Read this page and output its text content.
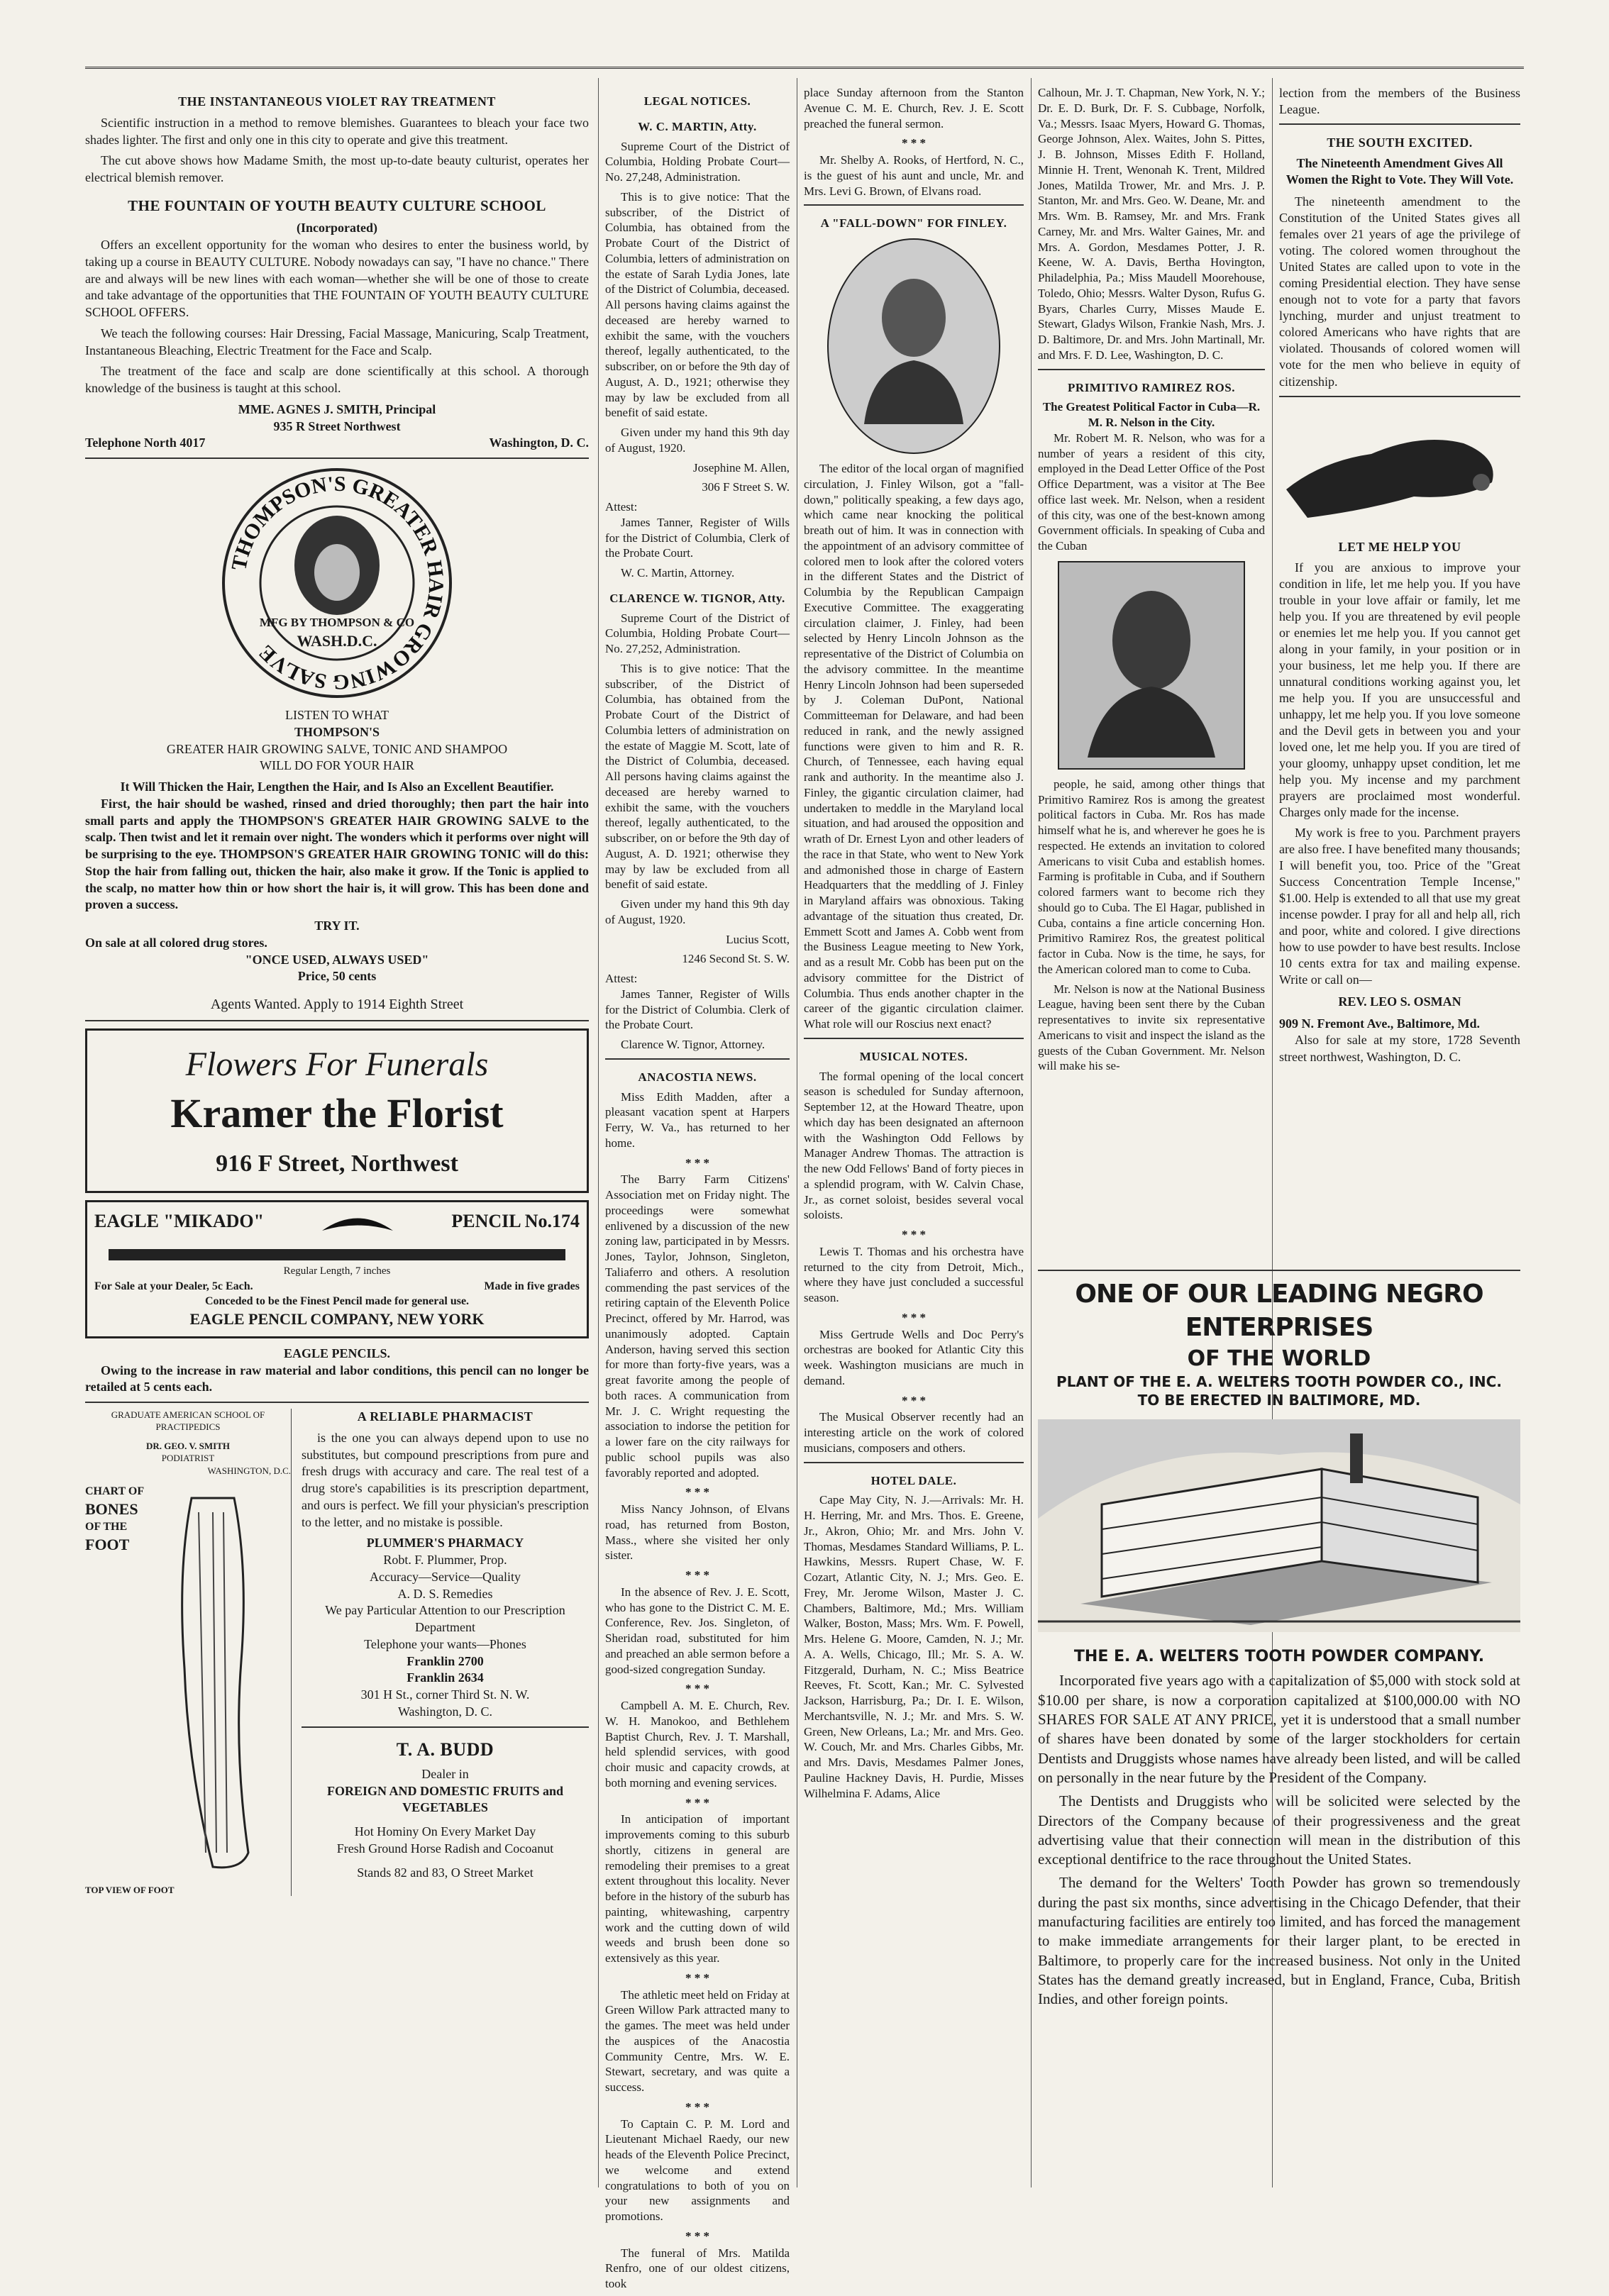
THE INSTANTANEOUS VIOLET RAY TREATMENT

Scientific instruction in a method to remove blemishes. Guarantees to bleach your face two shades lighter. The first and only one in this city to operate and give this treatment.

The cut above shows how Madame Smith, the most up-to-date beauty culturist, operates her electrical blemish remover.

THE FOUNTAIN OF YOUTH BEAUTY CULTURE SCHOOL
(Incorporated)

Offers an excellent opportunity for the woman who desires to enter the business world, by taking up a course in BEAUTY CULTURE. Nobody nowadays can say, "I have no chance." There are and always will be new lines with each woman—whether she will be one of those to create and take advantage of the opportunities that THE FOUNTAIN OF YOUTH BEAUTY CULTURE SCHOOL OFFERS.

We teach the following courses: Hair Dressing, Facial Massage, Manicuring, Scalp Treatment, Instantaneous Bleaching, Electric Treatment for the Face and Scalp.

The treatment of the face and scalp are done scientifically at this school. A thorough knowledge of the business is taught at this school.

MME. AGNES J. SMITH, Principal
935 R Street Northwest
Telephone North 4017	Washington, D. C.
THOMPSON'S GREATER HAIR GROWING SALVE
MFG BY THOMPSON & CO
WASH.D.C.
LISTEN TO WHAT
THOMPSON'S
GREATER HAIR GROWING SALVE, TONIC AND SHAMPOO
WILL DO FOR YOUR HAIR
It Will Thicken the Hair, Lengthen the Hair, and Is Also an Excellent Beautifier.

First, the hair should be washed, rinsed and dried thoroughly; then part the hair into small parts and apply the THOMPSON'S GREATER HAIR GROWING SALVE to the scalp. Then twist and let it remain over night. The wonders which it performs over night will be surprising to the eye. THOMPSON'S GREATER HAIR GROWING TONIC will do this: Stop the hair from falling out, thicken the hair, also make it grow. If the Tonic is applied to the scalp, no matter how thin or how short the hair is, it will grow. This has been done and proven a success.

TRY IT.
On sale at all colored drug stores.
"ONCE USED, ALWAYS USED"
Price, 50 cents
Agents Wanted. Apply to 1914 Eighth Street
Flowers For Funerals
Kramer the Florist
916 F Street, Northwest
EAGLE "MIKADO"	PENCIL No.174
Regular Length, 7 inches
For Sale at your Dealer, 5c Each.	Made in five grades
Conceded to be the Finest Pencil made for general use.
EAGLE PENCIL COMPANY, NEW YORK
EAGLE PENCILS.

Owing to the increase in raw material and labor conditions, this pencil can no longer be retailed at 5 cents each.

GRADUATE AMERICAN SCHOOL OF PRACTIPEDICS
DR. GEO. V. SMITH
PODIATRIST
WASHINGTON, D.C.
CHART OF
BONES
OF THE
FOOT
TOP VIEW OF FOOT
A RELIABLE PHARMACIST

is the one you can always depend upon to use no substitutes, but compound prescriptions from pure and fresh drugs with accuracy and care. The real test of a drug store's capabilities is its prescription department, and ours is perfect. We fill your physician's prescription to the letter, and no mistake is possible.

PLUMMER'S PHARMACY
Robt. F. Plummer, Prop.
Accuracy—Service—Quality
A. D. S. Remedies
We pay Particular Attention to our Prescription Department
Telephone your wants—Phones
Franklin 2700
Franklin 2634
301 H St., corner Third St. N. W.
Washington, D. C.
T. A. BUDD
Dealer in
FOREIGN AND DOMESTIC FRUITS and VEGETABLES
Hot Hominy On Every Market Day
Fresh Ground Horse Radish and Cocoanut
Stands 82 and 83, O Street Market
LEGAL NOTICES.
W. C. MARTIN, Atty.

Supreme Court of the District of Columbia, Holding Probate Court—No. 27,248, Administration.

This is to give notice: That the subscriber, of the District of Columbia, has obtained from the Probate Court of the District of Columbia, letters of administration on the estate of Sarah Lydia Jones, late of the District of Columbia, deceased. All persons having claims against the deceased are hereby warned to exhibit the same, with the vouchers thereof, legally authenticated, to the subscriber, on or before the 9th day of August, A. D., 1921; otherwise they may by law be excluded from all benefit of said estate.

Given under my hand this 9th day of August, 1920.

Josephine M. Allen,

306 F Street S. W.

Attest:

James Tanner, Register of Wills for the District of Columbia, Clerk of the Probate Court.

W. C. Martin, Attorney.

CLARENCE W. TIGNOR, Atty.

Supreme Court of the District of Columbia, Holding Probate Court—No. 27,252, Administration.

This is to give notice: That the subscriber, of the District of Columbia, has obtained from the Probate Court of the District of Columbia letters of administration on the estate of Maggie M. Scott, late of the District of Columbia, deceased. All persons having claims against the deceased are hereby warned to exhibit the same, with the vouchers thereof, legally authenticated, to the subscriber, on or before the 9th day of August, A. D. 1921; otherwise they may by law be excluded from all benefit of said estate.

Given under my hand this 9th day of August, 1920.

Lucius Scott,

1246 Second St. S. W.

Attest:

James Tanner, Register of Wills for the District of Columbia. Clerk of the Probate Court.

Clarence W. Tignor, Attorney.

ANACOSTIA NEWS.

Miss Edith Madden, after a pleasant vacation spent at Harpers Ferry, W. Va., has returned to her home.

* * *

The Barry Farm Citizens' Association met on Friday night. The proceedings were somewhat enlivened by a discussion of the new zoning law, participated in by Messrs. Jones, Taylor, Johnson, Singleton, Taliaferro and others. A resolution commending the past services of the retiring captain of the Eleventh Police Precinct, offered by Mr. Harrod, was unanimously adopted. Captain Anderson, having served this section for more than forty-five years, was a great favorite among the people of both races. A communication from Mr. J. C. Wright requesting the association to indorse the petition for a lower fare on the city railways for public school pupils was also favorably reported and adopted.

* * *

Miss Nancy Johnson, of Elvans road, has returned from Boston, Mass., where she visited her only sister.

* * *

In the absence of Rev. J. E. Scott, who has gone to the District C. M. E. Conference, Rev. Jos. Singleton, of Sheridan road, substituted for him and preached an able sermon before a good-sized congregation Sunday.

* * *

Campbell A. M. E. Church, Rev. W. H. Manokoo, and Bethlehem Baptist Church, Rev. J. T. Marshall, held splendid services, with good choir music and capacity crowds, at both morning and evening services.

* * *

In anticipation of important improvements coming to this suburb shortly, citizens in general are remodeling their premises to a great extent throughout this locality. Never before in the history of the suburb has painting, whitewashing, carpentry work and the cutting down of wild weeds and brush been done so extensively as this year.

* * *

The athletic meet held on Friday at Green Willow Park attracted many to the games. The meet was held under the auspices of the Anacostia Community Centre, Mrs. W. E. Stewart, secretary, and was quite a success.

* * *

To Captain C. P. M. Lord and Lieutenant Michael Raedy, our new heads of the Eleventh Police Precinct, we welcome and extend congratulations to both of you on your new assignments and promotions.

* * *

The funeral of Mrs. Matilda Renfro, one of our oldest citizens, took

place Sunday afternoon from the Stanton Avenue C. M. E. Church, Rev. J. E. Scott preached the funeral sermon.

* * *

Mr. Shelby A. Rooks, of Hertford, N. C., is the guest of his aunt and uncle, Mr. and Mrs. Levi G. Brown, of Elvans road.

A "FALL-DOWN" FOR FINLEY.

The editor of the local organ of magnified circulation, J. Finley Wilson, got a "fall-down," politically speaking, a few days ago, which came near knocking the political breath out of him. It was in connection with the appointment of an advisory committee of colored men to look after the colored voters in the different States and the District of Columbia by the Republican Campaign Executive Committee. The exaggerating circulation claimer, J. Finley, had been selected by Henry Lincoln Johnson as the representative of the District of Columbia on the advisory committee. In the meantime Henry Lincoln Johnson had been superseded by J. Coleman DuPont, National Committeeman for Delaware, and had been reduced in rank, and the newly assigned functions were given to him and R. R. Church, of Tennessee, each having equal rank and authority. In the meantime also J. Finley, the gigantic circulation claimer, had undertaken to meddle in the Maryland local situation, and had aroused the opposition and wrath of Dr. Ernest Lyon and other leaders of the race in that State, who went to New York and admonished those in charge of Eastern Headquarters that the meddling of J. Finley in Maryland affairs was obnoxious. Taking advantage of the situation thus created, Dr. Emmett Scott and James A. Cobb went from the Business League meeting to New York, and as a result Mr. Cobb has been put on the advisory committee for the District of Columbia. Thus ends another chapter in the career of the gigantic circulation claimer. What role will our Roscius next enact?

MUSICAL NOTES.

The formal opening of the local concert season is scheduled for Sunday afternoon, September 12, at the Howard Theatre, upon which day has been designated an afternoon with the Washington Odd Fellows by Manager Andrew Thomas. The attraction is the new Odd Fellows' Band of forty pieces in a splendid program, with W. Calvin Chase, Jr., as cornet soloist, besides several vocal soloists.

* * *

Lewis T. Thomas and his orchestra have returned to the city from Detroit, Mich., where they have just concluded a successful season.

* * *

Miss Gertrude Wells and Doc Perry's orchestras are booked for Atlantic City this week. Washington musicians are much in demand.

* * *

The Musical Observer recently had an interesting article on the work of colored musicians, composers and others.

HOTEL DALE.

Cape May City, N. J.—Arrivals: Mr. H. H. Herring, Mr. and Mrs. Thos. E. Greene, Jr., Akron, Ohio; Mr. and Mrs. John V. Thomas, Mesdames Standard Williams, P. L. Hawkins, Messrs. Rupert Chase, W. F. Cozart, Atlantic City, N. J.; Mrs. Geo. E. Frey, Mr. Jerome Wilson, Master J. C. Chambers, Baltimore, Md.; Mrs. William Walker, Boston, Mass; Mrs. Wm. F. Powell, Mrs. Helene G. Moore, Camden, N. J.; Mr. A. A. Wells, Chicago, Ill.; Mr. S. A. W. Fitzgerald, Durham, N. C.; Miss Beatrice Reeves, Ft. Scott, Kan.; Mr. C. Sylvested Jackson, Harrisburg, Pa.; Dr. I. E. Wilson, Merchantsville, N. J.; Mr. and Mrs. S. W. Green, New Orleans, La.; Mr. and Mrs. Geo. W. Couch, Mr. and Mrs. Charles Gibbs, Mr. and Mrs. Davis, Mesdames Palmer Jones, Pauline Hackney Davis, H. Purdie, Misses Wilhelmina F. Adams, Alice

Calhoun, Mr. J. T. Chapman, New York, N. Y.; Dr. E. D. Burk, Dr. F. S. Cubbage, Norfolk, Va.; Messrs. Isaac Myers, Howard G. Thomas, George Johnson, Alex. Waites, John S. Pittes, J. B. Johnson, Misses Edith F. Holland, Minnie H. Trent, Wenonah K. Trent, Mildred Jones, Matilda Trower, Mr. and Mrs. J. P. Stanton, Mr. and Mrs. Geo. W. Deane, Mr. and Mrs. Wm. B. Ramsey, Mr. and Mrs. Frank Carney, Mr. and Mrs. Walter Gaines, Mr. and Mrs. A. Gordon, Mesdames Potter, J. R. Keene, W. A. Davis, Bertha Hovington, Philadelphia, Pa.; Miss Maudell Moorehouse, Toledo, Ohio; Messrs. Walter Dyson, Rufus G. Byars, Charles Curry, Misses Maude E. Stewart, Gladys Wilson, Frankie Nash, Mrs. J. D. Baltimore, Dr. and Mrs. John Martinall, Mr. and Mrs. F. D. Lee, Washington, D. C.

PRIMITIVO RAMIREZ ROS.
The Greatest Political Factor in Cuba—R. M. R. Nelson in the City.

Mr. Robert M. R. Nelson, who was for a number of years a resident of this city, employed in the Dead Letter Office of the Post Office Department, was a visitor at The Bee office last week. Mr. Nelson, when a resident of this city, was one of the best-known among Government officials. In speaking of Cuba and the Cuban

people, he said, among other things that Primitivo Ramirez Ros is among the greatest political factors in Cuba. Mr. Ros has made himself what he is, and wherever he goes he is respected. He extends an invitation to colored Americans to visit Cuba and establish homes. Farming is profitable in Cuba, and if Southern colored farmers want to become rich they should go to Cuba. The El Hagar, published in Cuba, contains a fine article concerning Hon. Primitivo Ramirez Ros, the greatest political factor in Cuba. Now is the time, he says, for the American colored man to come to Cuba.

Mr. Nelson is now at the National Business League, having been sent there by the Cuban representatives to invite six representative Americans to visit and inspect the island as the guests of the Cuban Government. Mr. Nelson will make his se-

lection from the members of the Business League.

THE SOUTH EXCITED.
The Nineteenth Amendment Gives All Women the Right to Vote. They Will Vote.

The nineteenth amendment to the Constitution of the United States gives all females over 21 years of age the privilege of voting. The colored women throughout the United States are called upon to vote in the coming Presidential election. They have sense enough not to vote for a party that favors lynching, murder and unjust treatment to colored Americans who have rights that are violated. Thousands of colored women will vote for the men who believe in equity of citizenship.

LET ME HELP YOU

If you are anxious to improve your condition in life, let me help you. If you have trouble in your love affair or family, let me help you. If you are threatened by evil people or enemies let me help you. If you cannot get along in your family, in your position or in your business, let me help you. If there are unnatural conditions working against you, let me help you. If you are unsuccessful and unhappy, let me help you. If you love someone and the Devil gets in between you and your loved one, let me help you. If you are tired of your gloomy, unhappy upset condition, let me help you. My incense and my parchment prayers are proclaimed most wonderful. Charges only made for the incense.

My work is free to you. Parchment prayers are also free. I have benefited many thousands; I will benefit you, too. Price of the "Great Success Concentration Temple Incense," $1.00. Help is extended to all that use my great incense powder. I pray for all and help all, rich and poor, white and colored. I give directions how to use powder to have best results. Inclose 10 cents extra for tax and mailing expense. Write or call on—

REV. LEO S. OSMAN
909 N. Fremont Ave., Baltimore, Md.

Also for sale at my store, 1728 Seventh street northwest, Washington, D. C.

ONE OF OUR LEADING NEGRO ENTERPRISES
OF THE WORLD
PLANT OF THE E. A. WELTERS TOOTH POWDER CO., INC.
TO BE ERECTED IN BALTIMORE, MD.
THE E. A. WELTERS TOOTH POWDER COMPANY.

Incorporated five years ago with a capitalization of $5,000 with stock sold at $10.00 per share, is now a corporation capitalized at $100,000.00 with NO SHARES FOR SALE AT ANY PRICE, yet it is understood that a small number of shares have been donated by some of the larger stockholders for certain Dentists and Druggists whose names have already been listed, and will be called on personally in the near future by the President of the Company.

The Dentists and Druggists who will be solicited were selected by the Directors of the Company because of their progressiveness and the great advertising value that their connection will mean in the distribution of this exceptional dentifrice to the race throughout the United States.

The demand for the Welters' Tooth Powder has grown so tremendously during the past six months, since advertising in the Chicago Defender, that their manufacturing facilities are entirely too limited, and has forced the management to make immediate arrangements for their larger plant, to be erected in Baltimore, to properly care for the increased business. Not only in the United States has the demand greatly increased, but in England, France, Cuba, British Indies, and other foreign points.
